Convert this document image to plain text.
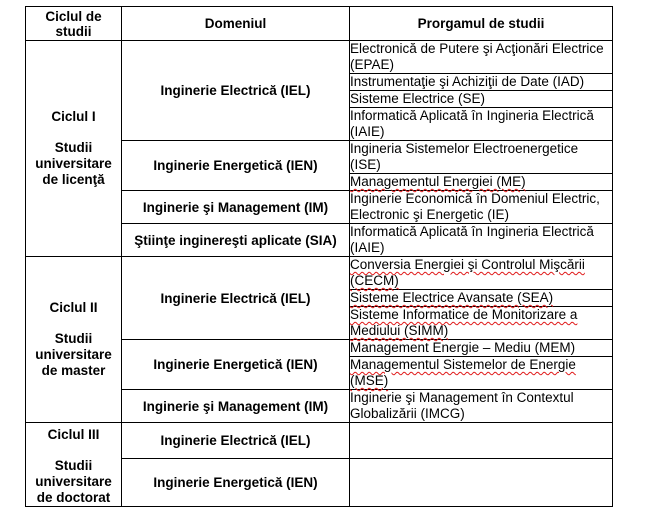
Ciclul de studii	Domeniul	Prorgamul de studii

Ciclul I
Studii universitare de licenţă	Inginerie Electrică (IEL)	Electronică de Putere şi Acţionări Electrice (EPAE)
		Instrumentaţie şi Achiziţii de Date (IAD)
		Sisteme Electrice (SE)
		Informatică Aplicată în Ingineria Electrică (IAIE)
	Inginerie Energetică (IEN)	Ingineria Sistemelor Electroenergetice (ISE)
		Managementul Energiei (ME)
	Inginerie şi Management (IM)	Inginerie Economică în Domeniul Electric, Electronic şi Energetic (IE)
	Ştiinţe inginereşti aplicate (SIA)	Informatică Aplicată în Ingineria Electrică (IAIE)

Ciclul II
Studii universitare de master	Inginerie Electrică (IEL)	Conversia Energiei şi Controlul Mişcării (CECM)
		Sisteme Electrice Avansate (SEA)
		Sisteme Informatice de Monitorizare a Mediului (SIMM)
	Inginerie Energetică (IEN)	Management Energie – Mediu (MEM)
		Managementul Sistemelor de Energie (MSE)
	Inginerie şi Management (IM)	Inginerie şi Management în Contextul Globalizării (IMCG)

Ciclul III
Studii universitare de doctorat	Inginerie Electrică (IEL)	
	Inginerie Energetică (IEN)	
